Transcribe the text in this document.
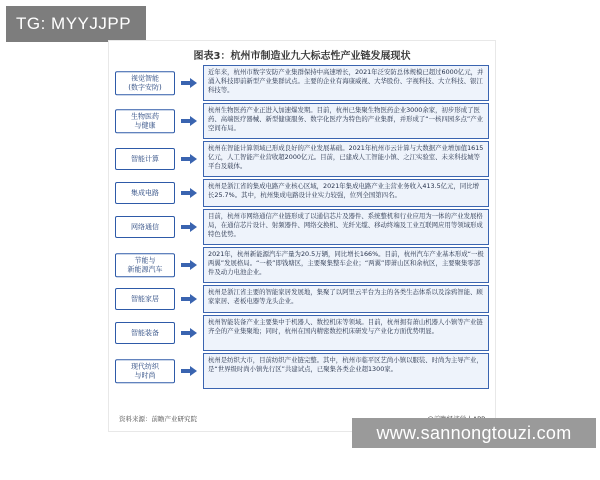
TG: MYYJJPP
图表3：杭州市制造业九大标志性产业链发展现状
视觉智能
(数字安防)
近年来，杭州市数字安防产业集群保持中高速增长，2021年泛安防总体规模已超过6000亿元，并涌入科技即前新型产业集群试点。主要的企业有海康威视、大华股份、宇视科技、大立科技、银江科技等。
生物医药
与健康
杭州生物医药产业正进入加速爆发期。目前，杭州已集聚生物医药企业3000余家，初步形成了医药、高端医疗器械、新型健康服务、数字化医疗为特色的产业集群，并形成了“一核四园多点”产业空间布局。
智能计算
杭州在智能计算领域已形成良好的产业发展基础。2021年杭州市云计算与大数据产业增加值1615亿元，人工智能产业营收超2000亿元。目前，已建成人工智能小镇、之江实验室、未来科技城等平台及载体。
集成电路
杭州是浙江省的集成电路产业核心区域，2021年集成电路产业主营业务收入413.5亿元，同比增长25.7%。其中，杭州集成电路设计业实力较强，位列全国第四名。
网络通信
目前，杭州市网络通信产业链形成了以通信芯片及器件、系统整机和行业应用为一体的产业发展格局，在通信芯片设计、射频器件、网络交换机、光纤光缆、移动终端及工业互联网应用等领域形成特色优势。
节能与
新能源汽车
2021年，杭州新能源汽车产量为20.5万辆，同比增长166%。目前，杭州汽车产业基本形成“一极两翼”发展格局。“一极”即钱塘区，主要聚集整车企业；“两翼”即萧山区和余杭区，主要聚集零部件及动力电池企业。
智能家居
杭州是浙江省主要的智能家居发展地，集聚了以阿里云平台为主的各类生态体系以及涂鸦智能、顾家家居、老板电器等龙头企业。
智能装备
杭州智能装备产业主要集中于机器人、数控机床等领域。目前，杭州拥有萧山机器人小镇等产业链齐全的产业集聚地；同时，杭州在国内精密数控机床研发与产业化方面优势明显。
现代纺织
与时尚
杭州是纺织大市，目前纺织产业链完整。其中，杭州市临平区艺尚小镇以服装、时尚为主导产业，是“世界级时尚小镇先行区”共建试点，已聚集各类企业超1300家。
资料来源：前瞻产业研究院
www.sannongtouzi.com
